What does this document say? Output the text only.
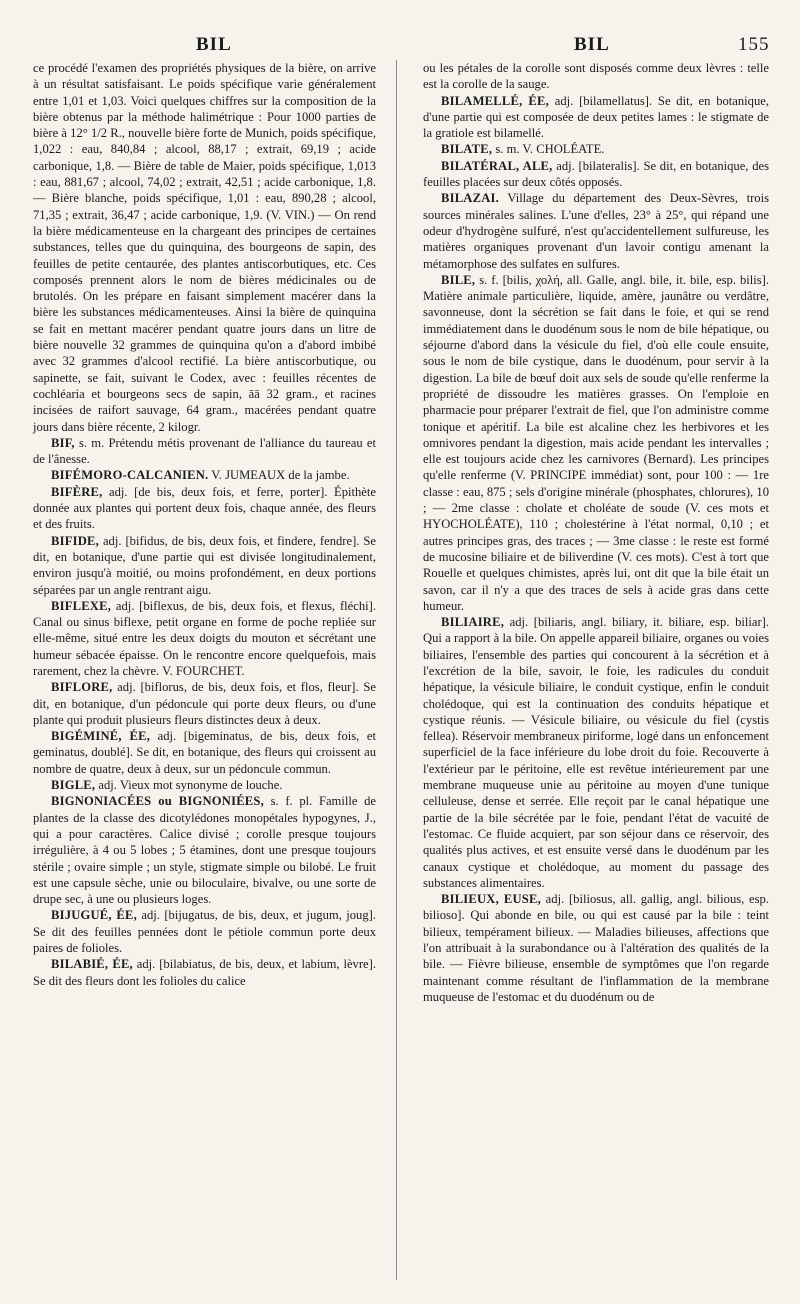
BIL	BIL	155

ce procédé l'examen des propriétés physiques de la bière, on arrive à un résultat satisfaisant. Le poids spécifique varie généralement entre 1,01 et 1,03. Voici quelques chiffres sur la composition de la bière obtenus par la méthode halimétrique : Pour 1000 parties de bière à 12° 1/2 R., nouvelle bière forte de Munich, poids spécifique, 1,022 : eau, 840,84 ; alcool, 88,17 ; extrait, 69,19 ; acide carbonique, 1,8. — Bière de table de Maier, poids spécifique, 1,013 : eau, 881,67 ; alcool, 74,02 ; extrait, 42,51 ; acide carbonique, 1,8. — Bière blanche, poids spécifique, 1,01 : eau, 890,28 ; alcool, 71,35 ; extrait, 36,47 ; acide carbonique, 1,9. (V. VIN.) — On rend la bière médicamenteuse en la chargeant des principes de certaines substances, telles que du quinquina, des bourgeons de sapin, des feuilles de petite centaurée, des plantes antiscorbutiques, etc. Ces composés prennent alors le nom de bières médicinales ou de brutolés. On les prépare en faisant simplement macérer dans la bière les substances médicamenteuses. Ainsi la bière de quinquina se fait en mettant macérer pendant quatre jours dans un litre de bière nouvelle 32 grammes de quinquina qu'on a d'abord imbibé avec 32 grammes d'alcool rectifié. La bière antiscorbutique, ou sapinette, se fait, suivant le Codex, avec : feuilles récentes de cochléaria et bourgeons secs de sapin, āā 32 gram., et racines incisées de raifort sauvage, 64 gram., macérées pendant quatre jours dans bière récente, 2 kilogr.

BIF, s. m. Prétendu métis provenant de l'alliance du taureau et de l'ânesse.

BIFÉMORO-CALCANIEN. V. JUMEAUX de la jambe.

BIFÈRE, adj. [de bis, deux fois, et ferre, porter]. Épithète donnée aux plantes qui portent deux fois, chaque année, des fleurs et des fruits.

BIFIDE, adj. [bifidus, de bis, deux fois, et findere, fendre]. Se dit, en botanique, d'une partie qui est divisée longitudinalement, environ jusqu'à moitié, ou moins profondément, en deux portions séparées par un angle rentrant aigu.

BIFLEXE, adj. [biflexus, de bis, deux fois, et flexus, fléchi]. Canal ou sinus biflexe, petit organe en forme de poche repliée sur elle-même, situé entre les deux doigts du mouton et sécrétant une humeur sébacée épaisse. On le rencontre encore quelquefois, mais rarement, chez la chèvre. V. FOURCHET.

BIFLORE, adj. [biflorus, de bis, deux fois, et flos, fleur]. Se dit, en botanique, d'un pédoncule qui porte deux fleurs, ou d'une plante qui produit plusieurs fleurs distinctes deux à deux.

BIGÉMINÉ, ÉE, adj. [bigeminatus, de bis, deux fois, et geminatus, doublé]. Se dit, en botanique, des fleurs qui croissent au nombre de quatre, deux à deux, sur un pédoncule commun.

BIGLE, adj. Vieux mot synonyme de louche.

BIGNONIACÉES ou BIGNONIÉES, s. f. pl. Famille de plantes de la classe des dicotylédones monopétales hypogynes, J., qui a pour caractères. Calice divisé ; corolle presque toujours irrégulière, à 4 ou 5 lobes ; 5 étamines, dont une presque toujours stérile ; ovaire simple ; un style, stigmate simple ou bilobé. Le fruit est une capsule sèche, unie ou biloculaire, bivalve, ou une sorte de drupe sec, à une ou plusieurs loges.

BIJUGUÉ, ÉE, adj. [bijugatus, de bis, deux, et jugum, joug]. Se dit des feuilles pennées dont le pétiole commun porte deux paires de folioles.

BILABIÉ, ÉE, adj. [bilabiatus, de bis, deux, et labium, lèvre]. Se dit des fleurs dont les folioles du calice

ou les pétales de la corolle sont disposés comme deux lèvres : telle est la corolle de la sauge.

BILAMELLÉ, ÉE, adj. [bilamellatus]. Se dit, en botanique, d'une partie qui est composée de deux petites lames : le stigmate de la gratiole est bilamellé.

BILATE, s. m. V. CHOLÉATE.

BILATÉRAL, ALE, adj. [bilateralis]. Se dit, en botanique, des feuilles placées sur deux côtés opposés.

BILAZAI. Village du département des Deux-Sèvres, trois sources minérales salines. L'une d'elles, 23° à 25°, qui répand une odeur d'hydrogène sulfuré, n'est qu'accidentellement sulfureuse, les matières organiques provenant d'un lavoir contigu amenant la métamorphose des sulfates en sulfures.

BILE, s. f. [bilis, χολή, all. Galle, angl. bile, it. bile, esp. bilis]. Matière animale particulière, liquide, amère, jaunâtre ou verdâtre, savonneuse, dont la sécrétion se fait dans le foie, et qui se rend immédiatement dans le duodénum sous le nom de bile hépatique, ou séjourne d'abord dans la vésicule du fiel, d'où elle coule ensuite, sous le nom de bile cystique, dans le duodénum, pour servir à la digestion. La bile de bœuf doit aux sels de soude qu'elle renferme la propriété de dissoudre les matières grasses. On l'emploie en pharmacie pour préparer l'extrait de fiel, que l'on administre comme tonique et apéritif. La bile est alcaline chez les herbivores et les omnivores pendant la digestion, mais acide pendant les intervalles ; elle est toujours acide chez les carnivores (Bernard). Les principes qu'elle renferme (V. PRINCIPE immédiat) sont, pour 100 : — 1re classe : eau, 875 ; sels d'origine minérale (phosphates, chlorures), 10 ; — 2me classe : cholate et choléate de soude (V. ces mots et HYOCHOLÉATE), 110 ; cholestérine à l'état normal, 0,10 ; et autres principes gras, des traces ; — 3me classe : le reste est formé de mucosine biliaire et de biliverdine (V. ces mots). C'est à tort que Rouelle et quelques chimistes, après lui, ont dit que la bile était un savon, car il n'y a que des traces de sels à acide gras dans cette humeur.

BILIAIRE, adj. [biliaris, angl. biliary, it. biliare, esp. biliar]. Qui a rapport à la bile. On appelle appareil biliaire, organes ou voies biliaires, l'ensemble des parties qui concourent à la sécrétion et à l'excrétion de la bile, savoir, le foie, les radicules du conduit hépatique, la vésicule biliaire, le conduit cystique, enfin le conduit cholédoque, qui est la continuation des conduits hépatique et cystique réunis. — Vésicule biliaire, ou vésicule du fiel (cystis fellea). Réservoir membraneux piriforme, logé dans un enfoncement superficiel de la face inférieure du lobe droit du foie. Recouverte à l'extérieur par le péritoine, elle est revêtue intérieurement par une membrane muqueuse unie au péritoine au moyen d'une tunique celluleuse, dense et serrée. Elle reçoit par le canal hépatique une partie de la bile sécrétée par le foie, pendant l'état de vacuité de l'estomac. Ce fluide acquiert, par son séjour dans ce réservoir, des qualités plus actives, et est ensuite versé dans le duodénum par les canaux cystique et cholédoque, au moment du passage des substances alimentaires.

BILIEUX, EUSE, adj. [biliosus, all. gallig, angl. bilious, esp. bilioso]. Qui abonde en bile, ou qui est causé par la bile : teint bilieux, tempérament bilieux. — Maladies bilieuses, affections que l'on attribuait à la surabondance ou à l'altération des qualités de la bile. — Fièvre bilieuse, ensemble de symptômes que l'on regarde maintenant comme résultant de l'inflammation de la membrane muqueuse de l'estomac et du duodénum ou de
